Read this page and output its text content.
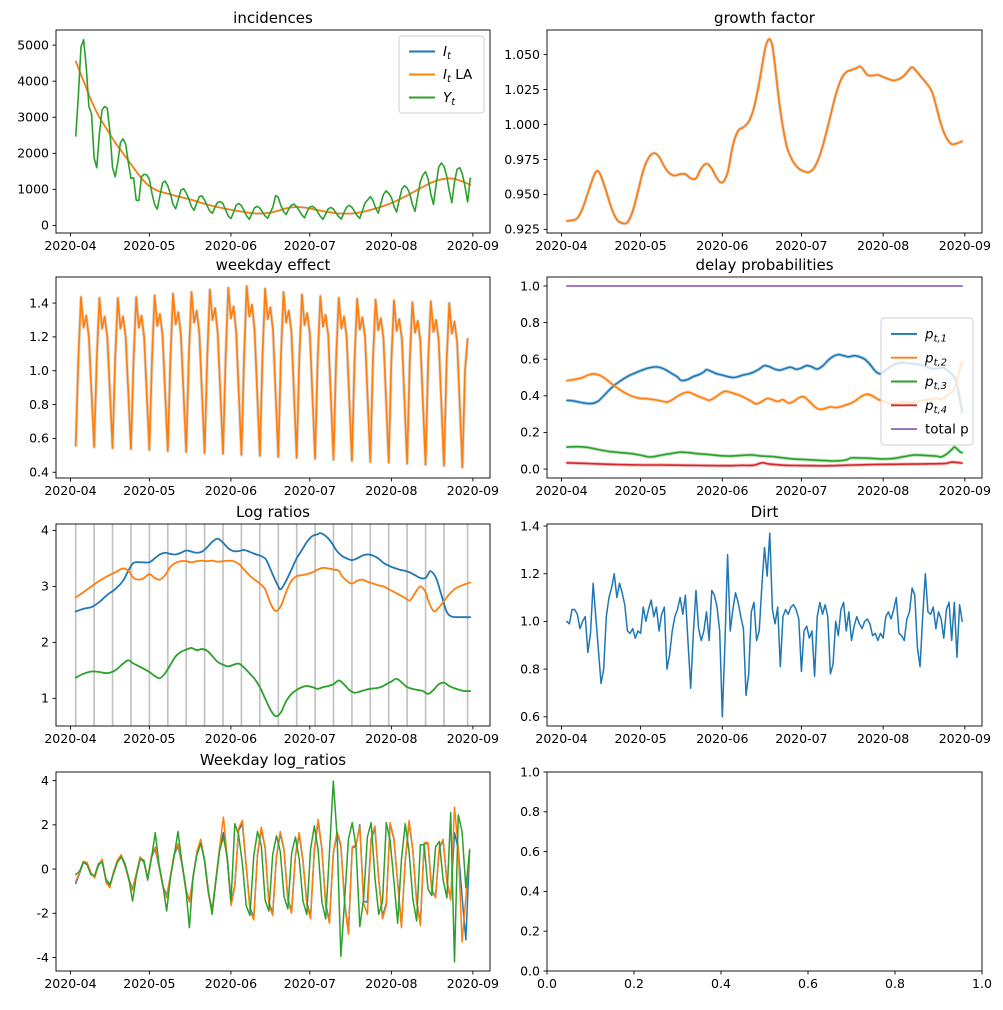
2020-04 2020-05 2020-06 2020-07 2020-08 2020-09
0
1000
2000
3000
4000
5000
incidences
$I_t$
$I_t$ LA
$Y_t$
2020-04 2020-05 2020-06 2020-07 2020-08 2020-09
0.925
0.950
0.975
1.000
1.025
1.050
growth factor
2020-04 2020-05 2020-06 2020-07 2020-08 2020-09
0.4
0.6
0.8
1.0
1.2
1.4
weekday effect
2020-04 2020-05 2020-06 2020-07 2020-08 2020-09
0.0
0.2
0.4
0.6
0.8
1.0
delay probabilities
$p_{t,1}$
$p_{t,2}$
$p_{t,3}$
$p_{t,4}$
total p
2020-04 2020-05 2020-06 2020-07 2020-08 2020-09
1
2
3
4
Log ratios
2020-04 2020-05 2020-06 2020-07 2020-08 2020-09
0.6
0.8
1.0
1.2
1.4
Dirt
2020-04 2020-05 2020-06 2020-07 2020-08 2020-09
-4
-2
0
2
4
Weekday log_ratios
0.0	0.2	0.4	0.6	0.8	1.0
0.0
0.2
0.4
0.6
0.8
1.0
